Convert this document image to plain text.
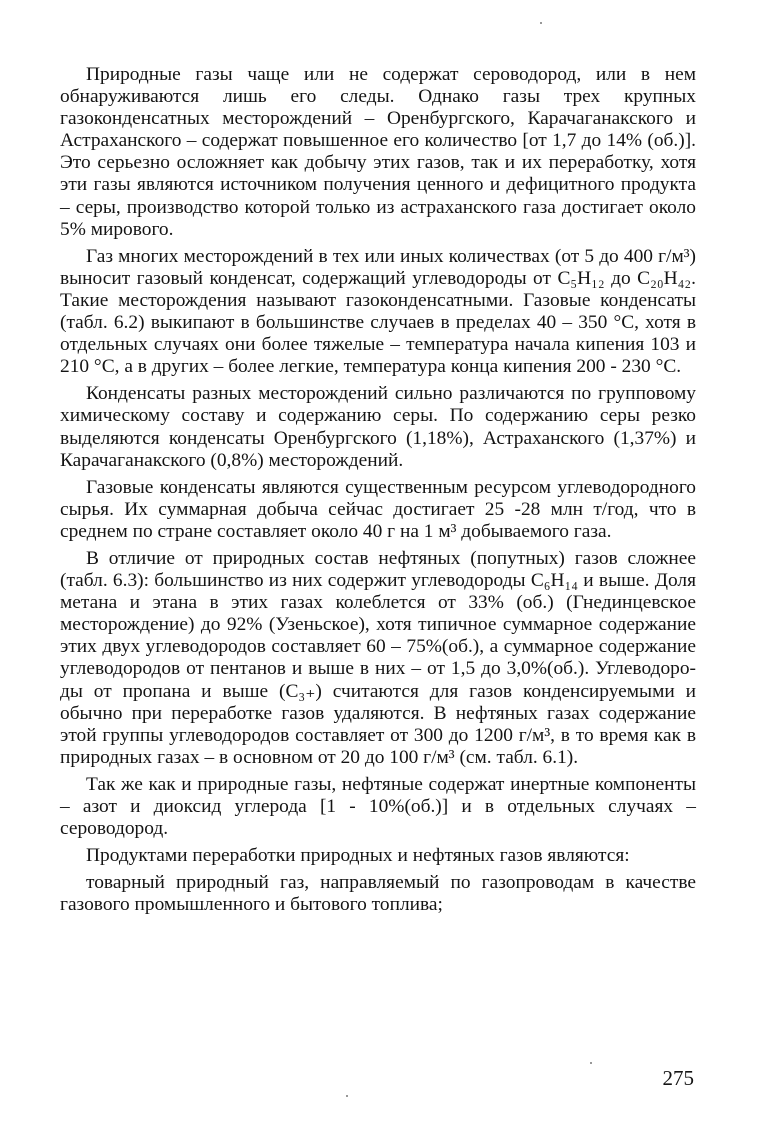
Природные газы чаще или не содержат сероводород, или в нем обнаруживаются лишь его следы. Однако газы трех крупных газоконденсатных месторождений – Оренбургского, Карачаганакского и Астраханского – содержат повышенное его количество [от 1,7 до 14% (об.)]. Это серьезно осложняет как добычу этих газов, так и их переработку, хотя эти газы являются источником получения ценного и дефицитного продукта – серы, производство которой только из астраханского газа достигает около 5% мирового.

Газ многих месторождений в тех или иных количествах (от 5 до 400 г/м³) выносит газовый конденсат, содержащий углеводороды от C₅H₁₂ до C₂₀H₄₂. Такие месторождения называют газоконденсатными. Газовые конденсаты (табл. 6.2) выкипают в большинстве случаев в пределах 40 – 350 °C, хотя в отдельных случаях они более тяжелые – температура начала кипения 103 и 210 °C, а в других – более легкие, температура конца кипения 200 - 230 °C.

Конденсаты разных месторождений сильно различаются по групповому химическому составу и содержанию серы. По содержанию серы резко выделяются конденсаты Оренбургского (1,18%), Астраханского (1,37%) и Карачаганакского (0,8%) месторождений.

Газовые конденсаты являются существенным ресурсом углеводородного сырья. Их суммарная добыча сейчас достигает 25 -28 млн т/год, что в среднем по стране составляет около 40 г на 1 м³ добываемого газа.

В отличие от природных состав нефтяных (попутных) газов сложнее (табл. 6.3): большинство из них содержит углеводороды C₆H₁₄ и выше. Доля метана и этана в этих газах колеблется от 33% (об.) (Гнединцевское месторождение) до 92% (Узеньское), хотя типичное суммарное содержание этих двух углеводородов составляет 60 – 75%(об.), а суммарное содержание углеводородов от пентанов и выше в них – от 1,5 до 3,0%(об.). Углеводороды от пропана и выше (C₃₊) считаются для газов конденсируемыми и обычно при переработке газов удаляются. В нефтяных газах содержание этой группы углеводородов составляет от 300 до 1200 г/м³, в то время как в природных газах – в основном от 20 до 100 г/м³ (см. табл. 6.1).

Так же как и природные газы, нефтяные содержат инертные компоненты – азот и диоксид углерода [1 - 10%(об.)] и в отдельных случаях – сероводород.

Продуктами переработки природных и нефтяных газов являются:

товарный природный газ, направляемый по газопроводам в качестве газового промышленного и бытового топлива;

275
